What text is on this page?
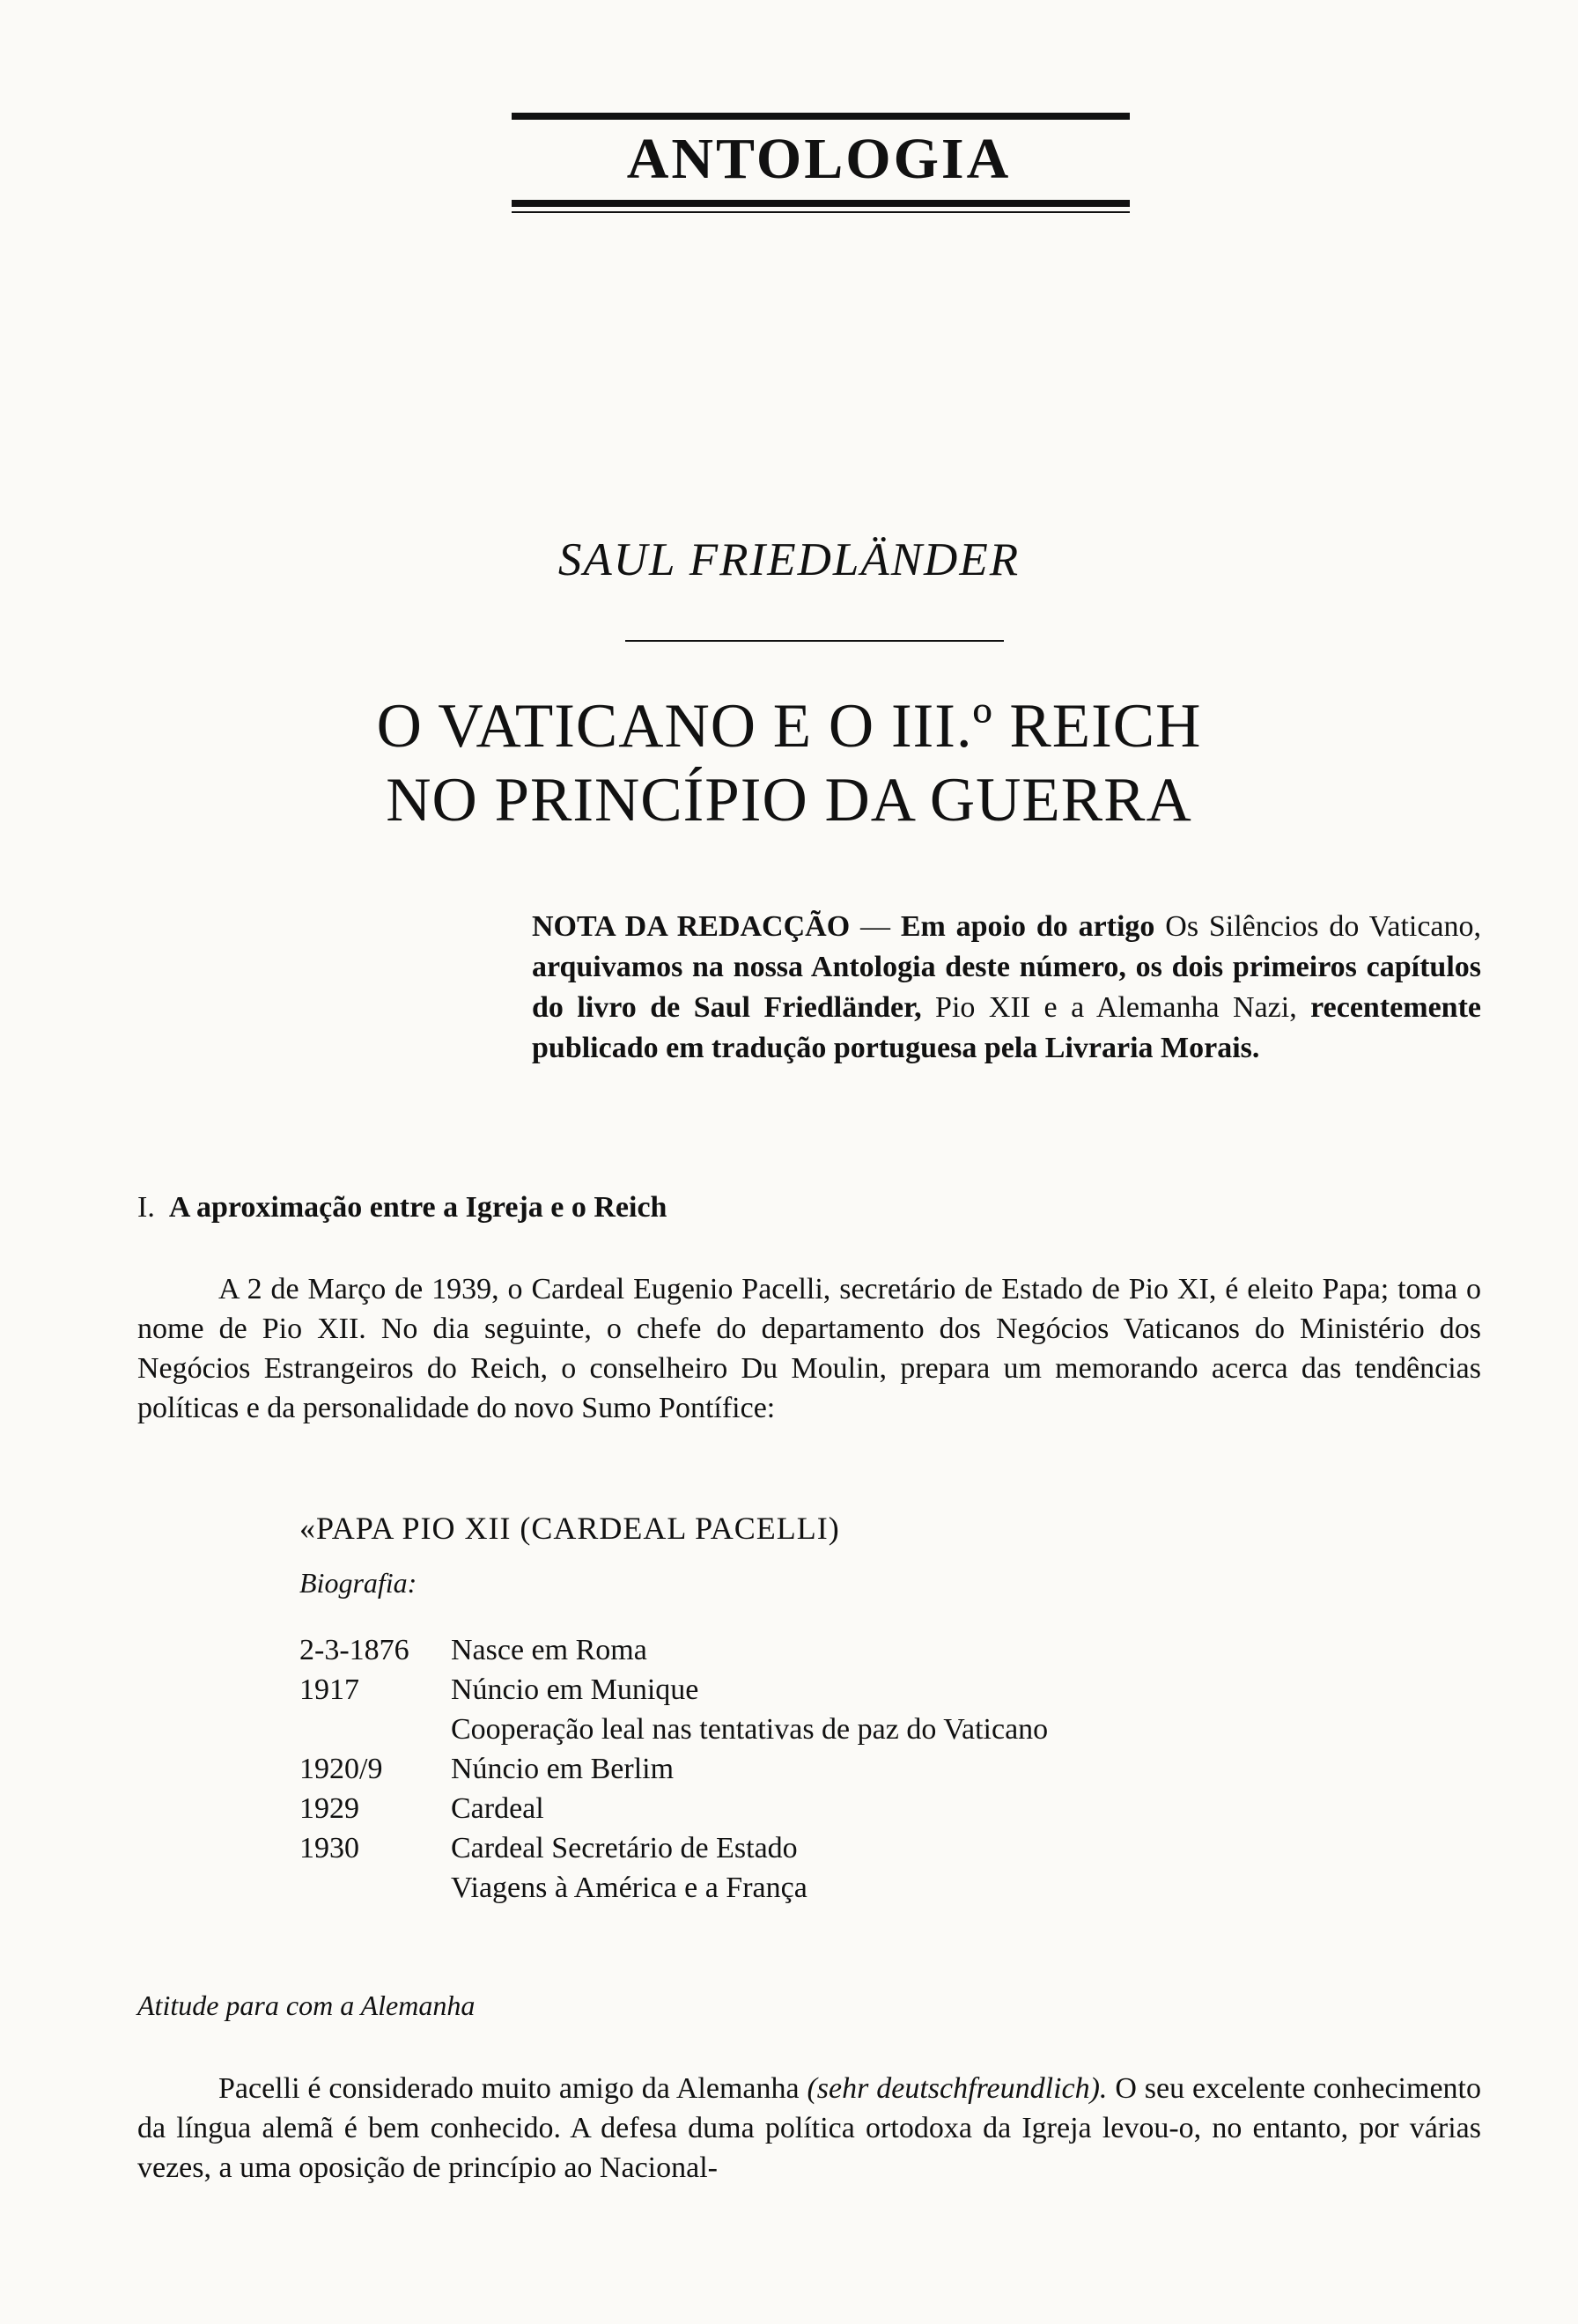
ANTOLOGIA
SAUL FRIEDLÄNDER
O VATICANO E O III.º REICH
NO PRINCÍPIO DA GUERRA
NOTA DA REDACÇÃO — Em apoio do artigo Os Silêncios do Vaticano, arquivamos na nossa Antologia deste número, os dois primeiros capítulos do livro de Saul Friedländer, Pio XII e a Alemanha Nazi, recentemente publicado em tradução portuguesa pela Livraria Morais.
I. A aproximação entre a Igreja e o Reich
A 2 de Março de 1939, o Cardeal Eugenio Pacelli, secretário de Estado de Pio XI, é eleito Papa; toma o nome de Pio XII. No dia seguinte, o chefe do departamento dos Negócios Vaticanos do Ministério dos Negócios Estrangeiros do Reich, o conselheiro Du Moulin, prepara um memorando acerca das tendências políticas e da personalidade do novo Sumo Pontífice:
«PAPA PIO XII (CARDEAL PACELLI)
Biografia:
2-3-1876 Nasce em Roma
1917	Núncio em Munique
Cooperação leal nas tentativas de paz do Vaticano
1920/9 Núncio em Berlim
1929	Cardeal
1930	Cardeal Secretário de Estado
Viagens à América e a França
Atitude para com a Alemanha
Pacelli é considerado muito amigo da Alemanha (sehr deutschfreundlich). O seu excelente conhecimento da língua alemã é bem conhecido. A defesa duma política ortodoxa da Igreja levou-o, no entanto, por várias vezes, a uma oposição de princípio ao Nacional-
